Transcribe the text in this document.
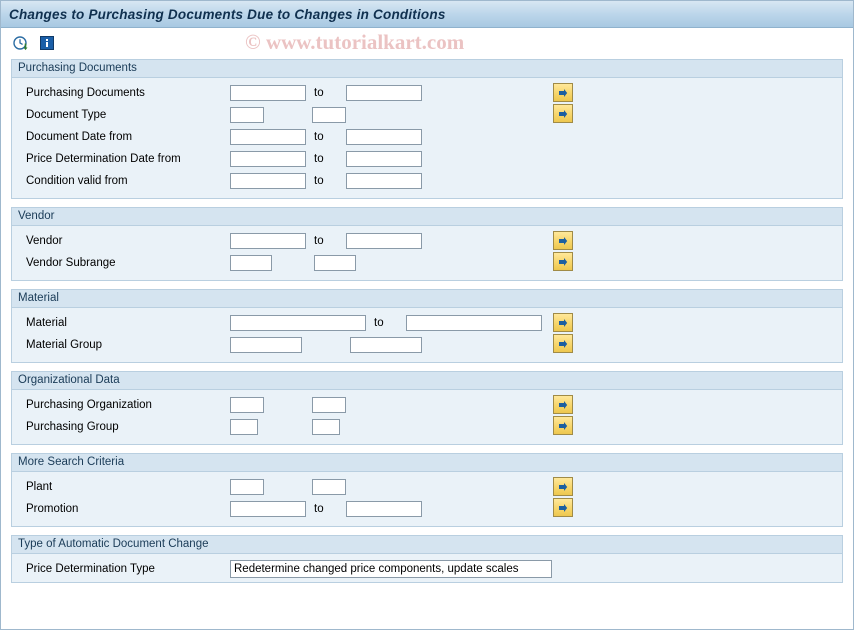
Changes to Purchasing Documents Due to Changes in Conditions
© www.tutorialkart.com
Purchasing Documents
Purchasing Documents	to
Document Type
Document Date from	to
Price Determination Date from	to
Condition valid from	to
Vendor
Vendor	to
Vendor Subrange
Material
Material	to
Material Group
Organizational Data
Purchasing Organization
Purchasing Group
More Search Criteria
Plant
Promotion	to
Type of Automatic Document Change
Price Determination Type	Redetermine changed price components, update scales
